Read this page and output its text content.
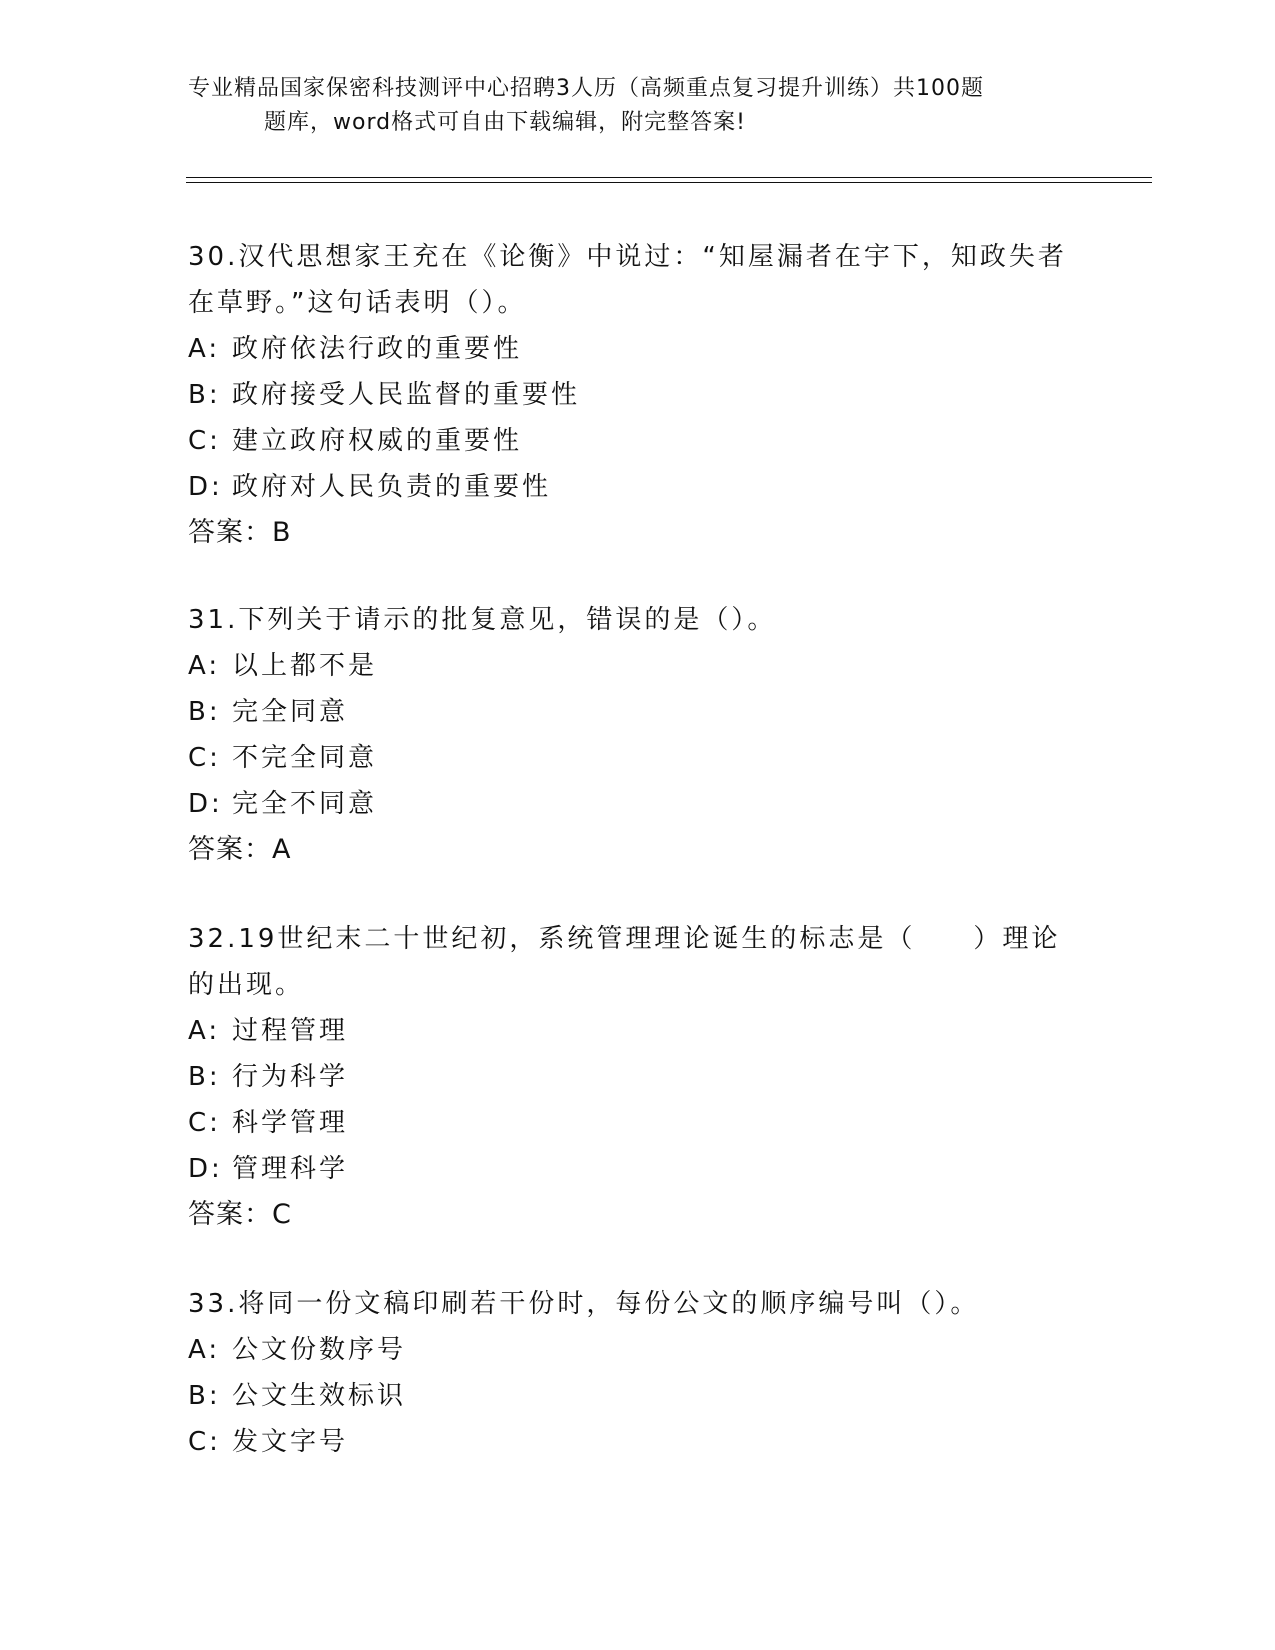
专业精品国家保密科技测评中心招聘3人历（高频重点复习提升训练）共100题
题库，word格式可自由下载编辑，附完整答案!

30.汉代思想家王充在《论衡》中说过：“知屋漏者在宇下，知政失者在草野。”这句话表明（）。

A: 政府依法行政的重要性
B: 政府接受人民监督的重要性
C: 建立政府权威的重要性
D: 政府对人民负责的重要性
答案：B

31.下列关于请示的批复意见，错误的是（）。

A: 以上都不是
B: 完全同意
C: 不完全同意
D: 完全不同意
答案：A

32.19世纪末二十世纪初，系统管理理论诞生的标志是（　　）理论的出现。

A: 过程管理
B: 行为科学
C: 科学管理
D: 管理科学
答案：C

33.将同一份文稿印刷若干份时，每份公文的顺序编号叫（）。

A: 公文份数序号
B: 公文生效标识
C: 发文字号
